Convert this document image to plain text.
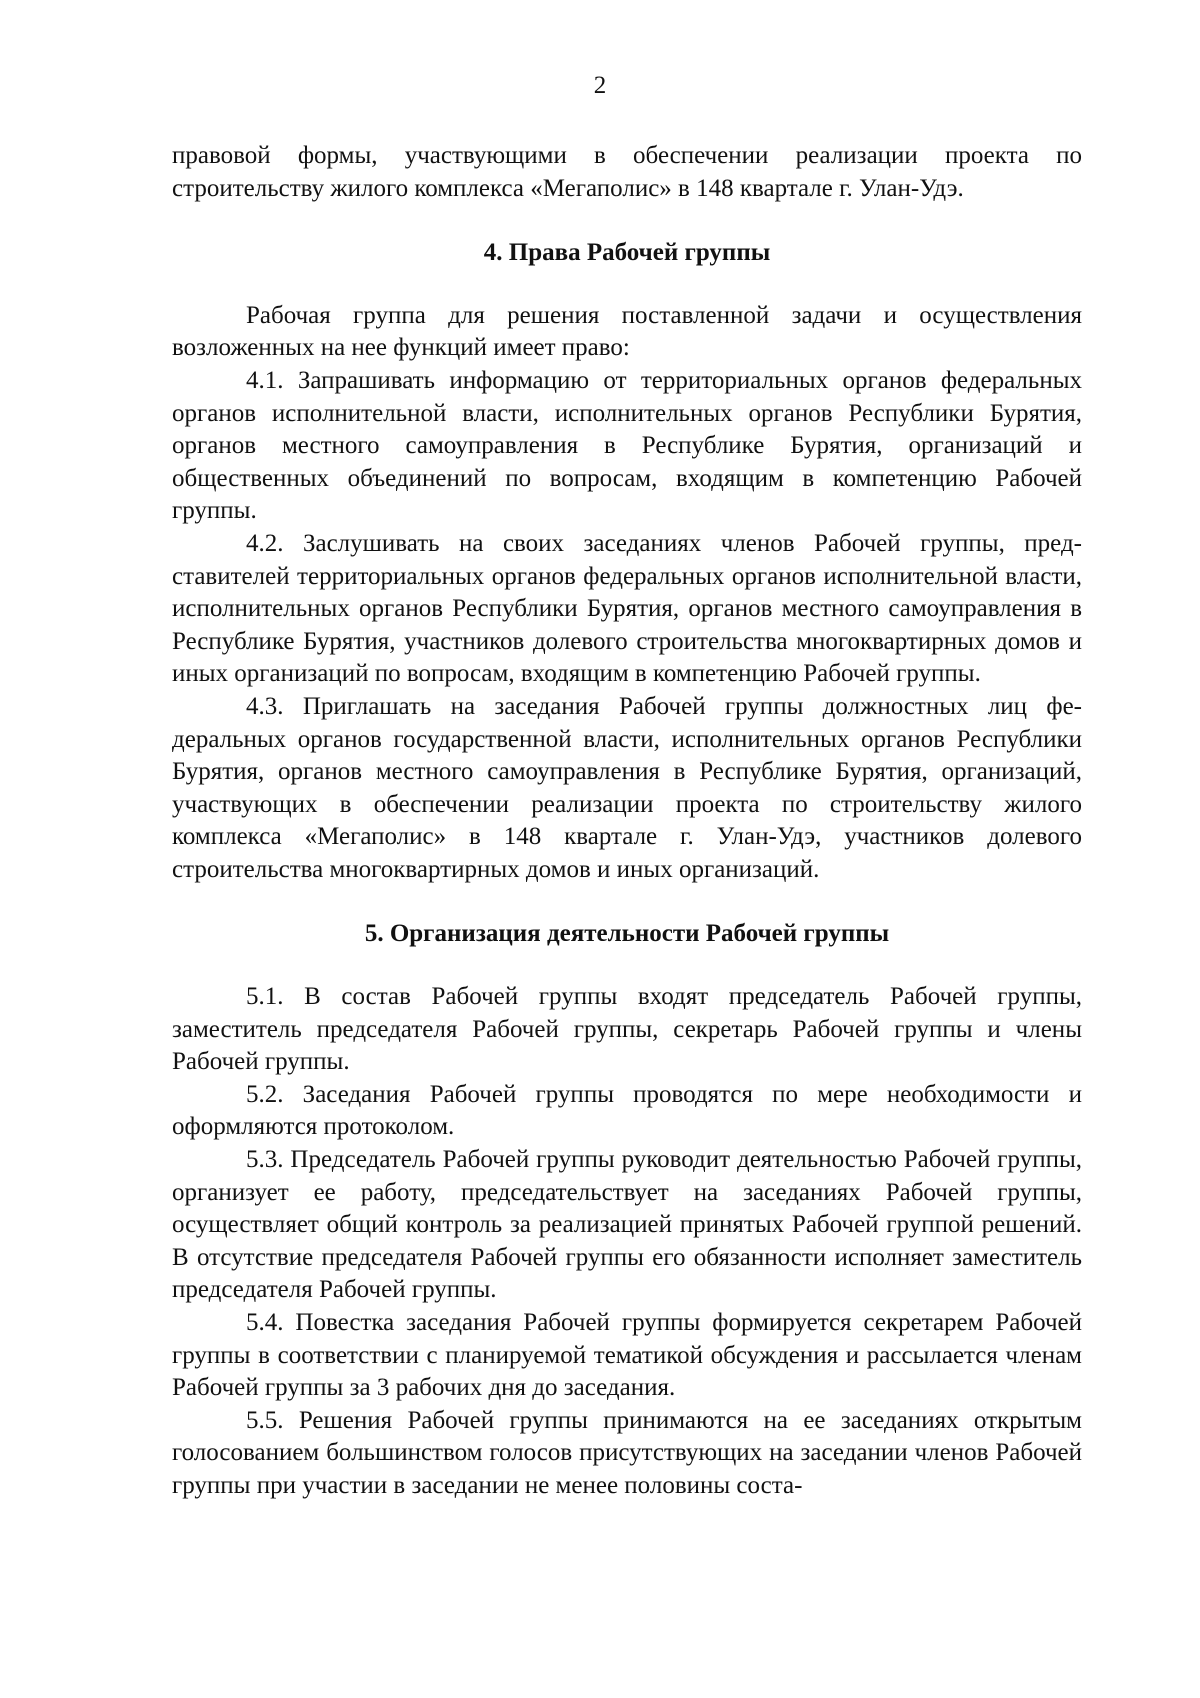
2

правовой формы, участвующими в обеспечении реализации проекта по строительству жилого комплекса «Мегаполис» в 148 квартале г. Улан-Удэ.

4. Права Рабочей группы

Рабочая группа для решения поставленной задачи и осуществления возложенных на нее функций имеет право:

4.1. Запрашивать информацию от территориальных органов федеральных органов исполнительной власти, исполнительных органов Республики Бурятия, органов местного самоуправления в Республике Бурятия, организаций и общественных объединений по вопросам, входящим в компетенцию Рабочей группы.

4.2. Заслушивать на своих заседаниях членов Рабочей группы, представителей территориальных органов федеральных органов исполнительной власти, исполнительных органов Республики Бурятия, органов местного самоуправления в Республике Бурятия, участников долевого строительства многоквартирных домов и иных организаций по вопросам, входящим в компетенцию Рабочей группы.

4.3. Приглашать на заседания Рабочей группы должностных лиц федеральных органов государственной власти, исполнительных органов Республики Бурятия, органов местного самоуправления в Республике Бурятия, организаций, участвующих в обеспечении реализации проекта по строительству жилого комплекса «Мегаполис» в 148 квартале г. Улан-Удэ, участников долевого строительства многоквартирных домов и иных организаций.

5. Организация деятельности Рабочей группы

5.1. В состав Рабочей группы входят председатель Рабочей группы, заместитель председателя Рабочей группы, секретарь Рабочей группы и члены Рабочей группы.

5.2. Заседания Рабочей группы проводятся по мере необходимости и оформляются протоколом.

5.3. Председатель Рабочей группы руководит деятельностью Рабочей группы, организует ее работу, председательствует на заседаниях Рабочей группы, осуществляет общий контроль за реализацией принятых Рабочей группой решений. В отсутствие председателя Рабочей группы его обязанности исполняет заместитель председателя Рабочей группы.

5.4. Повестка заседания Рабочей группы формируется секретарем Рабочей группы в соответствии с планируемой тематикой обсуждения и рассылается членам Рабочей группы за 3 рабочих дня до заседания.

5.5. Решения Рабочей группы принимаются на ее заседаниях открытым голосованием большинством голосов присутствующих на заседании членов Рабочей группы при участии в заседании не менее половины соста-
